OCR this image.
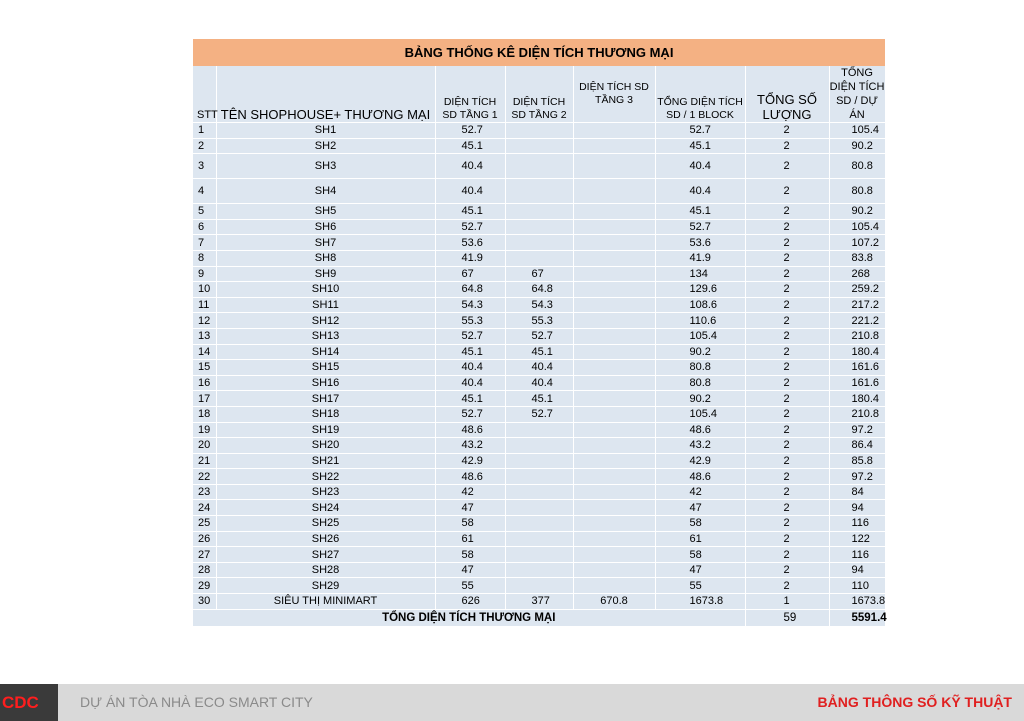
BẢNG THỐNG KÊ DIỆN TÍCH THƯƠNG MẠI
STT	TÊN SHOPHOUSE+ THƯƠNG MẠI	DIỆN TÍCH SD TẦNG 1	DIỆN TÍCH SD TẦNG 2	DIỆN TÍCH SD TẦNG 3	TỔNG DIỆN TÍCH SD / 1 BLOCK	TỔNG SỐ LƯỢNG	TỔNG DIỆN TÍCH SD / DỰ ÁN
1	SH1	52.7			52.7	2	105.4
2	SH2	45.1			45.1	2	90.2
3	SH3	40.4			40.4	2	80.8
4	SH4	40.4			40.4	2	80.8
5	SH5	45.1			45.1	2	90.2
6	SH6	52.7			52.7	2	105.4
7	SH7	53.6			53.6	2	107.2
8	SH8	41.9			41.9	2	83.8
9	SH9	67	67		134	2	268
10	SH10	64.8	64.8		129.6	2	259.2
11	SH11	54.3	54.3		108.6	2	217.2
12	SH12	55.3	55.3		110.6	2	221.2
13	SH13	52.7	52.7		105.4	2	210.8
14	SH14	45.1	45.1		90.2	2	180.4
15	SH15	40.4	40.4		80.8	2	161.6
16	SH16	40.4	40.4		80.8	2	161.6
17	SH17	45.1	45.1		90.2	2	180.4
18	SH18	52.7	52.7		105.4	2	210.8
19	SH19	48.6			48.6	2	97.2
20	SH20	43.2			43.2	2	86.4
21	SH21	42.9			42.9	2	85.8
22	SH22	48.6			48.6	2	97.2
23	SH23	42			42	2	84
24	SH24	47			47	2	94
25	SH25	58			58	2	116
26	SH26	61			61	2	122
27	SH27	58			58	2	116
28	SH28	47			47	2	94
29	SH29	55			55	2	110
30	SIÊU THỊ MINIMART	626	377	670.8	1673.8	1	1673.8
TỔNG DIỆN TÍCH THƯƠNG MẠI						59	5591.4
CDC	DỰ ÁN TÒA NHÀ ECO SMART CITY	BẢNG THÔNG SỐ KỸ THUẬT
